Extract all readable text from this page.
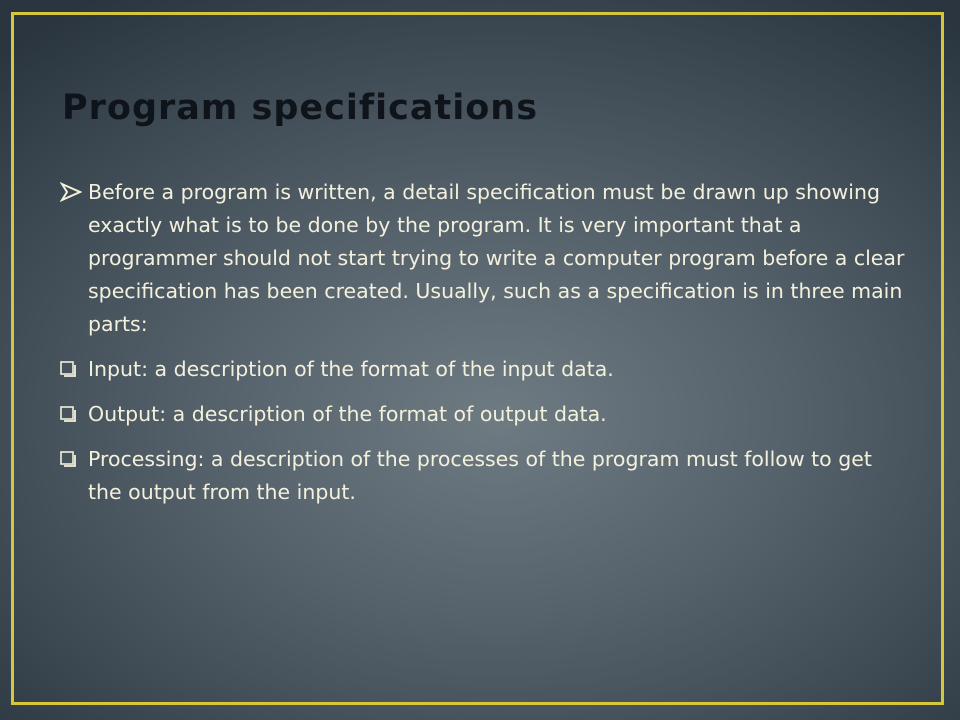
Program specifications
Before a program is written, a detail specification must be drawn up showing exactly what is to be done by the program. It is very important that a programmer should not start trying to write a computer program before a clear specification has been created. Usually, such as a specification is in three main parts:
Input: a description of the format of the input data.
Output: a description of the format of output data.
Processing: a description of the processes of the program must follow to get the output from the input.
